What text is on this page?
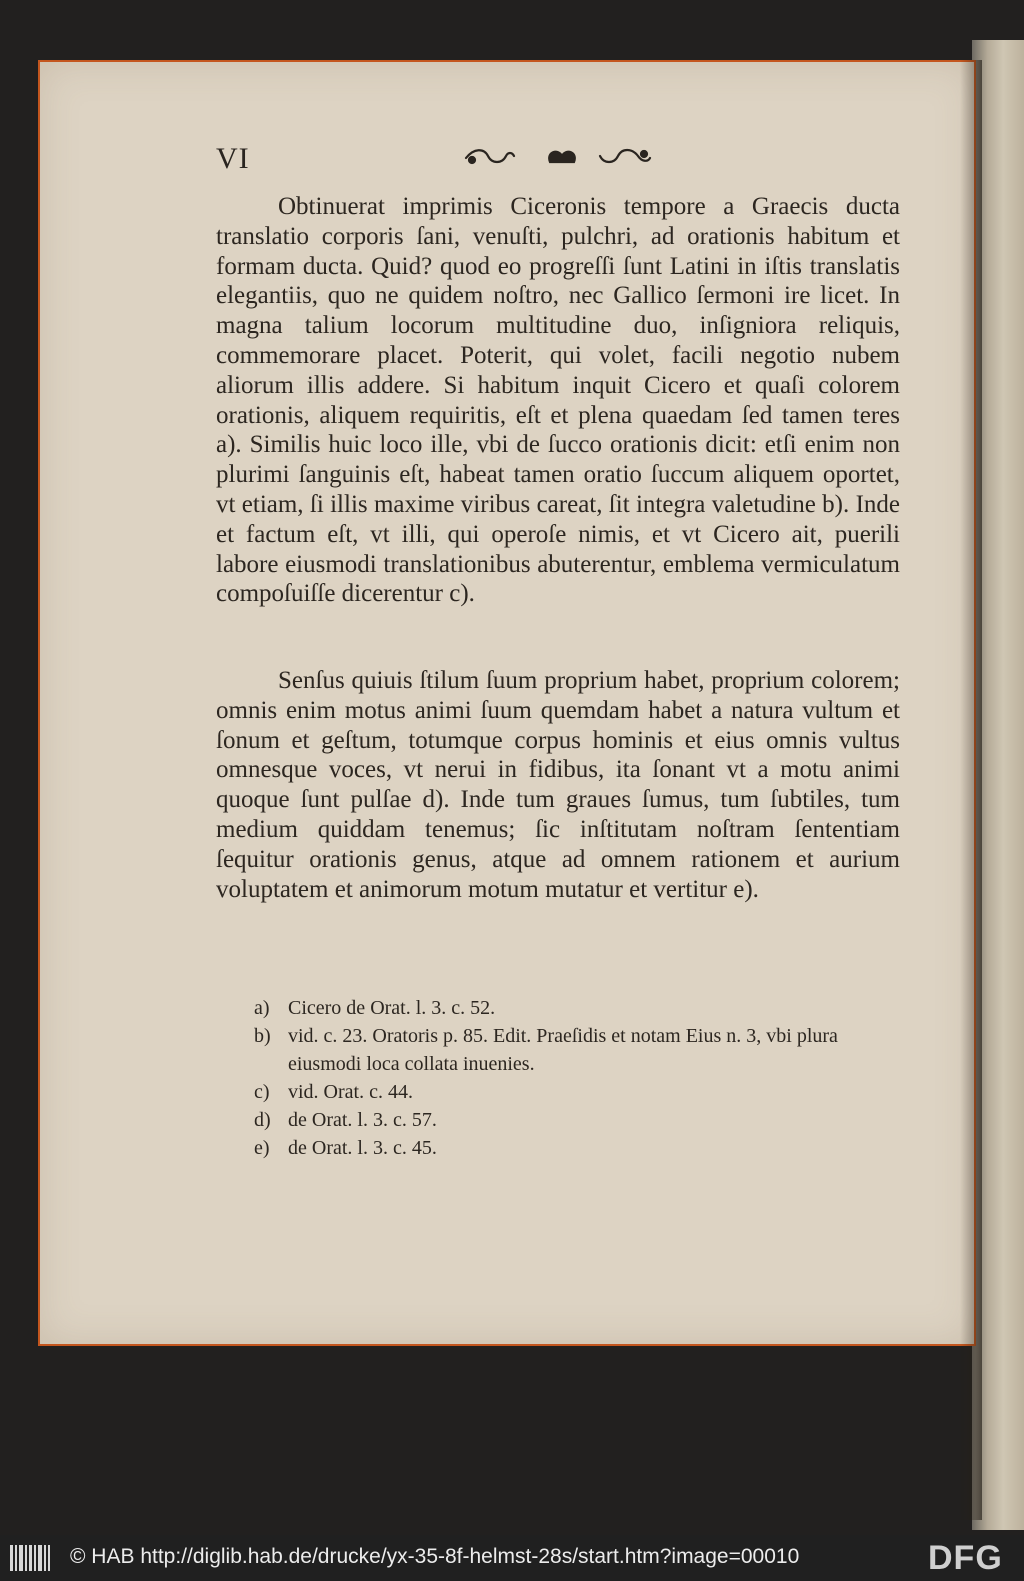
VI

Obtinuerat imprimis Ciceronis tempore a Graecis ducta translatio corporis ſani, venuſti, pulchri, ad orationis habitum et formam ducta. Quid? quod eo progreſſi ſunt Latini in iſtis translatis elegantiis, quo ne quidem noſtro, nec Gallico ſermoni ire licet. In magna talium locorum multitudine duo, inſigniora reliquis, commemorare placet. Poterit, qui volet, facili negotio nubem aliorum illis addere. Si habitum inquit Cicero et quaſi colorem orationis, aliquem requiritis, eſt et plena quaedam ſed tamen teres a). Similis huic loco ille, vbi de ſucco orationis dicit: etſi enim non plurimi ſanguinis eſt, habeat tamen oratio ſuccum aliquem oportet, vt etiam, ſi illis maxime viribus careat, ſit integra valetudine b). Inde et factum eſt, vt illi, qui operoſe nimis, et vt Cicero ait, puerili labore eiusmodi translationibus abuterentur, emblema vermiculatum compoſuiſſe dicerentur c).

Senſus quiuis ſtilum ſuum proprium habet, proprium colorem; omnis enim motus animi ſuum quemdam habet a natura vultum et ſonum et geſtum, totumque corpus hominis et eius omnis vultus omnesque voces, vt nerui in fidibus, ita ſonant vt a motu animi quoque ſunt pulſae d). Inde tum graues ſumus, tum ſubtiles, tum medium quiddam tenemus; ſic inſtitutam noſtram ſententiam ſequitur orationis genus, atque ad omnem rationem et aurium voluptatem et animorum motum mutatur et vertitur e).

a) Cicero de Orat. l. 3. c. 52.
b) vid. c. 23. Oratoris p. 85. Edit. Praeſidis et notam Eius n. 3, vbi plura eiusmodi loca collata inuenies.
c) vid. Orat. c. 44.
d) de Orat. l. 3. c. 57.
e) de Orat. l. 3. c. 45.
© HAB http://diglib.hab.de/drucke/yx-35-8f-helmst-28s/start.htm?image=00010	DFG
